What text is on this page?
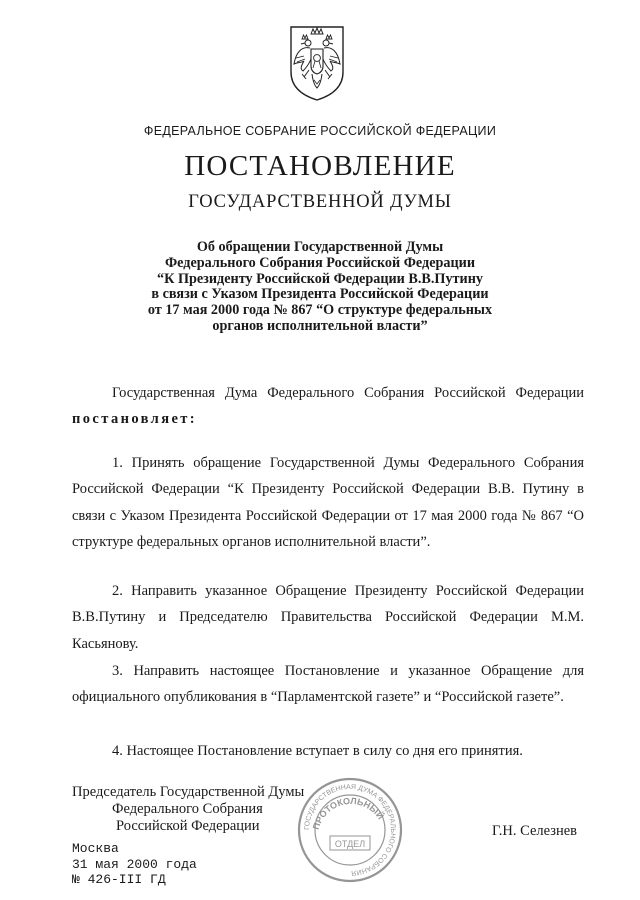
ФЕДЕРАЛЬНОЕ СОБРАНИЕ РОССИЙСКОЙ ФЕДЕРАЦИИ
ПОСТАНОВЛЕНИЕ
ГОСУДАРСТВЕННОЙ ДУМЫ
Об обращении Государственной Думы
Федерального Собрания Российской Федерации
“К Президенту Российской Федерации В.В.Путину
в связи с Указом Президента Российской Федерации
от 17 мая 2000 года № 867 “О структуре федеральных
органов исполнительной власти”

Государственная Дума Федерального Собрания Российской Федерации постановляет:

1. Принять обращение Государственной Думы Федерального Собрания Российской Федерации “К Президенту Российской Федерации В.В. Путину в связи с Указом Президента Российской Федерации от 17 мая 2000 года № 867 “О структуре федеральных органов исполнительной власти”.

2. Направить указанное Обращение Президенту Российской Федерации В.В.Путину и Председателю Правительства Российской Федерации М.М. Касьянову.

3. Направить настоящее Постановление и указанное Обращение для официального опубликования в “Парламентской газете” и “Российской газете”.

4. Настоящее Постановление вступает в силу со дня его принятия.

Председатель Государственной Думы
Федерального Собрания
Российской Федерации	Г.Н. Селезнев
Москва
31 мая 2000 года
№ 426-III ГД
ГОСУДАРСТВЕННАЯ ДУМА ФЕДЕРАЛЬНОГО СОБРАНИЯ
ПРОТОКОЛЬНЫЙ
ОТДЕЛ
